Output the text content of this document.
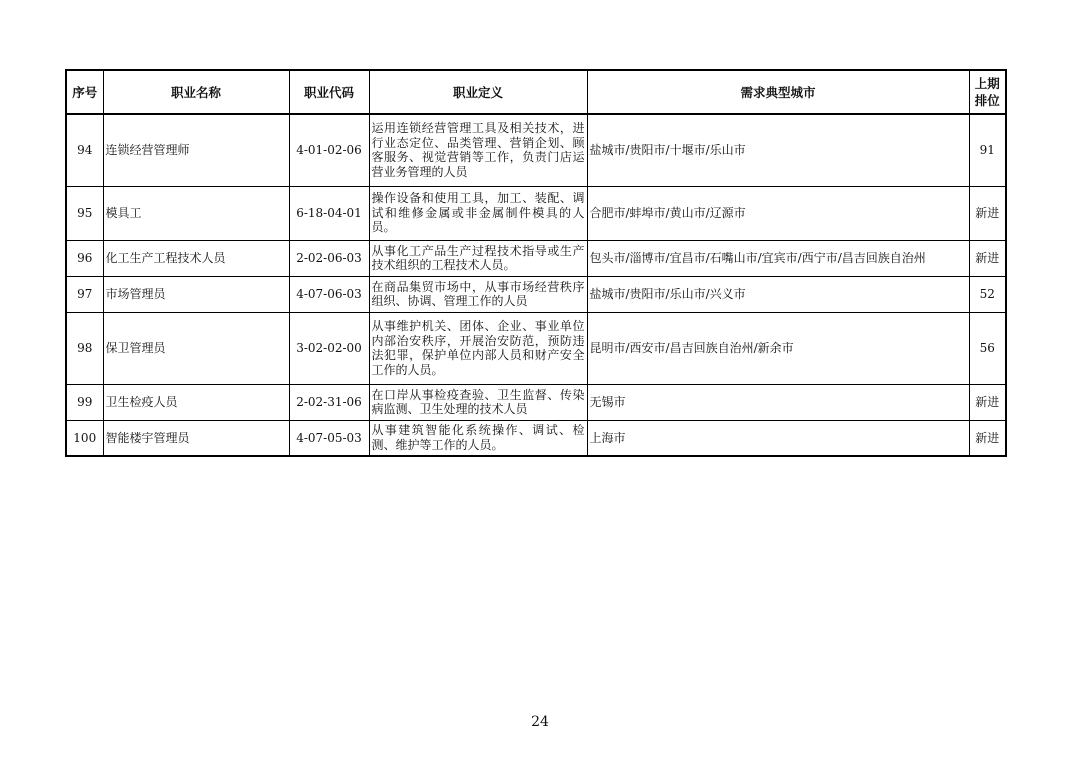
序号	职业名称	职业代码	职业定义	需求典型城市	上期排位
94	连锁经营管理师	4-01-02-06	运用连锁经营管理工具及相关技术，进行业态定位、品类管理、营销企划、顾客服务、视觉营销等工作，负责门店运营业务管理的人员	盐城市/贵阳市/十堰市/乐山市	91
95	模具工	6-18-04-01	操作设备和使用工具，加工、装配、调试和维修金属或非金属制件模具的人员。	合肥市/蚌埠市/黄山市/辽源市	新进
96	化工生产工程技术人员	2-02-06-03	从事化工产品生产过程技术指导或生产技术组织的工程技术人员。	包头市/淄博市/宜昌市/石嘴山市/宜宾市/西宁市/昌吉回族自治州	新进
97	市场管理员	4-07-06-03	在商品集贸市场中，从事市场经营秩序组织、协调、管理工作的人员	盐城市/贵阳市/乐山市/兴义市	52
98	保卫管理员	3-02-02-00	从事维护机关、团体、企业、事业单位内部治安秩序，开展治安防范，预防违法犯罪，保护单位内部人员和财产安全工作的人员。	昆明市/西安市/昌吉回族自治州/新余市	56
99	卫生检疫人员	2-02-31-06	在口岸从事检疫查验、卫生监督、传染病监测、卫生处理的技术人员	无锡市	新进
100	智能楼宇管理员	4-07-05-03	从事建筑智能化系统操作、调试、检测、维护等工作的人员。	上海市	新进
24
